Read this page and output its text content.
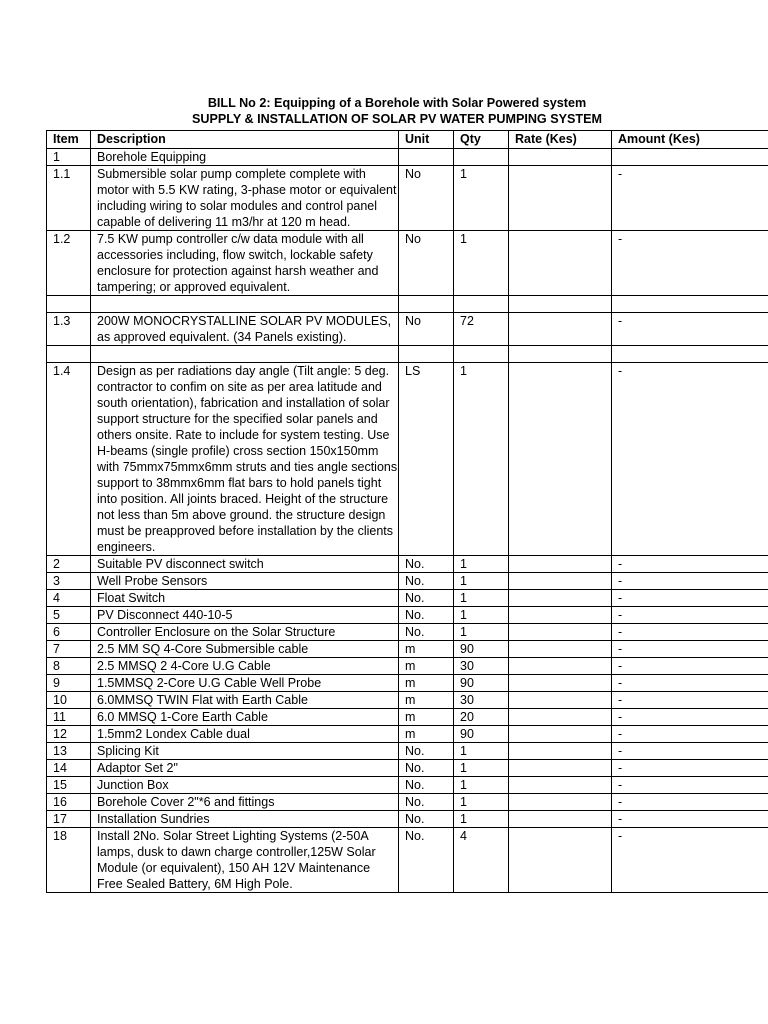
BILL No 2: Equipping of a Borehole with Solar Powered system
SUPPLY & INSTALLATION OF SOLAR PV WATER PUMPING SYSTEM
Item	Description	Unit	Qty	Rate (Kes)	Amount (Kes)
1	Borehole Equipping				
1.1	Submersible solar pump complete complete with motor with 5.5 KW rating, 3-phase motor or equivalent including wiring to solar modules and control panel capable of delivering 11 m3/hr at 120 m head.	No	1		-
1.2	7.5 KW pump controller c/w data module with all accessories including, flow switch, lockable safety enclosure for protection against harsh weather and tampering; or approved equivalent.	No	1		-

1.3	200W MONOCRYSTALLINE SOLAR PV MODULES, as approved equivalent. (34 Panels existing).	No	72		-

1.4	Design as per radiations day angle (Tilt angle: 5 deg. contractor to confim on site as per area latitude and south orientation), fabrication and installation of solar support structure for the specified solar panels and others onsite. Rate to include for system testing. Use H-beams (single profile) cross section 150x150mm with 75mmx75mmx6mm struts and ties angle sections support to 38mmx6mm flat bars to hold panels tight into position. All joints braced. Height of the structure not less than 5m above ground. the structure design must be preapproved before installation by the clients engineers.	LS	1		-
2	Suitable PV disconnect switch	No.	1		-
3	Well Probe Sensors	No.	1		-
4	Float Switch	No.	1		-
5	PV Disconnect 440-10-5	No.	1		-
6	Controller Enclosure on the Solar Structure	No.	1		-
7	2.5 MM SQ 4-Core Submersible cable	m	90		-
8	2.5 MMSQ 2 4-Core U.G Cable	m	30		-
9	1.5MMSQ 2-Core U.G Cable Well Probe	m	90		-
10	6.0MMSQ TWIN Flat with Earth Cable	m	30		-
11	6.0 MMSQ 1-Core Earth Cable	m	20		-
12	1.5mm2 Londex Cable dual	m	90		-
13	Splicing Kit	No.	1		-
14	Adaptor Set 2"	No.	1		-
15	Junction Box	No.	1		-
16	Borehole Cover 2"*6 and fittings	No.	1		-
17	Installation Sundries	No.	1		-
18	Install 2No. Solar Street Lighting Systems (2-50A lamps, dusk to dawn charge controller,125W Solar Module (or equivalent), 150 AH 12V Maintenance Free Sealed Battery, 6M High Pole.	No.	4		-
